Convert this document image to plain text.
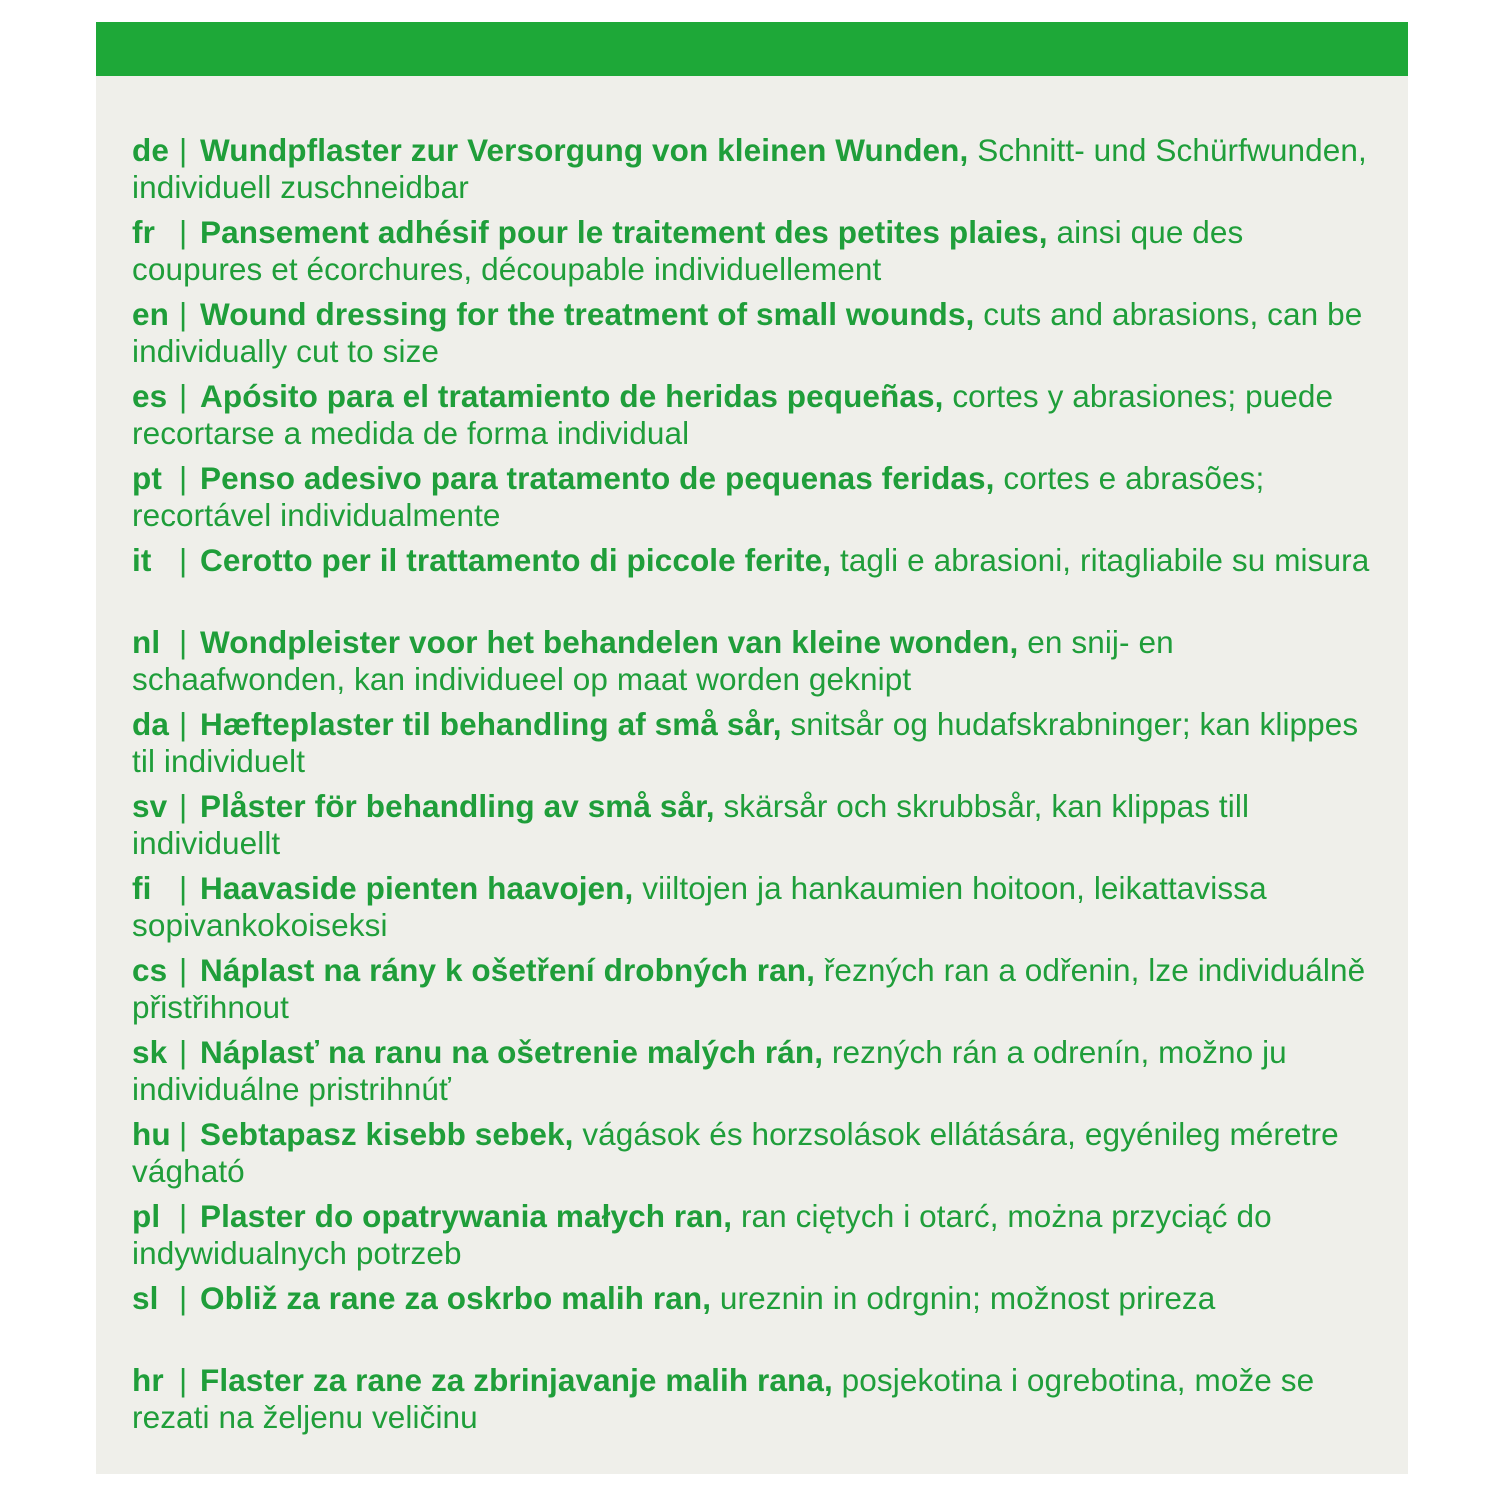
de | Wundpflaster zur Versorgung von kleinen Wunden, Schnitt- und Schürfwunden, individuell zuschneidbar
fr | Pansement adhésif pour le traitement des petites plaies, ainsi que des coupures et écorchures, découpable individuellement
en | Wound dressing for the treatment of small wounds, cuts and abrasions, can be individually cut to size
es | Apósito para el tratamiento de heridas pequeñas, cortes y abrasiones; puede recortarse a medida de forma individual
pt | Penso adesivo para tratamento de pequenas feridas, cortes e abrasões; recortável individualmente
it | Cerotto per il trattamento di piccole ferite, tagli e abrasioni, ritagliabile su misura
nl | Wondpleister voor het behandelen van kleine wonden, en snij- en schaafwonden, kan individueel op maat worden geknipt
da | Hæfteplaster til behandling af små sår, snitsår og hudafskrabninger; kan klippes til individuelt
sv | Plåster för behandling av små sår, skärsår och skrubbsår, kan klippas till individuellt
fi | Haavaside pienten haavojen, viiltojen ja hankaumien hoitoon, leikattavissa sopivankokoiseksi
cs | Náplast na rány k ošetření drobných ran, řezných ran a odřenin, lze individuálně přistřihnout
sk | Náplasť na ranu na ošetrenie malých rán, rezných rán a odrenín, možno ju individuálne pristrihnúť
hu | Sebtapasz kisebb sebek, vágások és horzsolások ellátására, egyénileg méretre vágható
pl | Plaster do opatrywania małych ran, ran ciętych i otarć, można przyciąć do indywidualnych potrzeb
sl | Obliž za rane za oskrbo malih ran, ureznin in odrgnin; možnost prireza
hr | Flaster za rane za zbrinjavanje malih rana, posjekotina i ogrebotina, može se rezati na željenu veličinu
